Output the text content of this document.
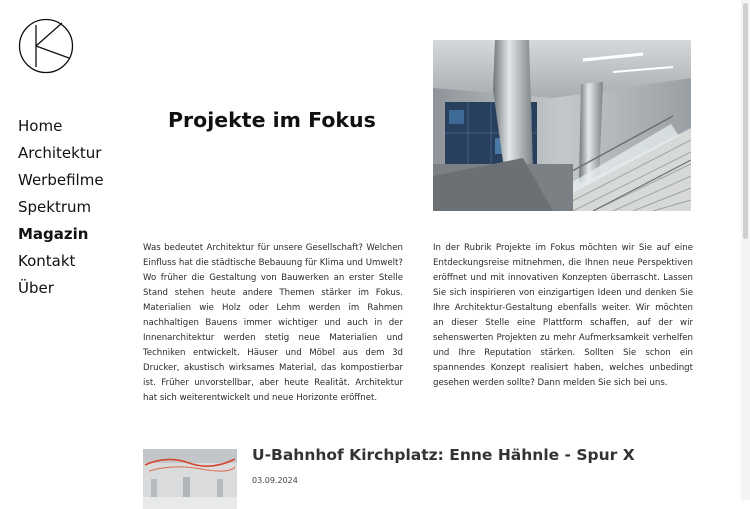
Home
Architektur
Werbefilme
Spektrum
Magazin
Kontakt
Über
Projekte im Fokus

Was bedeutet Architektur für unsere Gesellschaft? Welchen Einfluss hat die städtische Bebauung für Klima und Umwelt? Wo früher die Gestaltung von Bauwerken an erster Stelle Stand stehen heute andere Themen stärker im Fokus. Materialien wie Holz oder Lehm werden im Rahmen nachhaltigen Bauens immer wichtiger und auch in der Innenarchitektur werden stetig neue Materialien und Techniken entwickelt. Häuser und Möbel aus dem 3d Drucker, akustisch wirksames Material, das kompostierbar ist. Früher unvorstellbar, aber heute Realität. Architektur hat sich weiterentwickelt und neue Horizonte eröffnet.

In der Rubrik Projekte im Fokus möchten wir Sie auf eine Entdeckungsreise mitnehmen, die Ihnen neue Perspektiven eröffnet und mit innovativen Konzepten überrascht. Lassen Sie sich inspirieren von einzigartigen Ideen und denken Sie Ihre Architektur-Gestaltung ebenfalls weiter. Wir möchten an dieser Stelle eine Plattform schaffen, auf der wir sehenswerten Projekten zu mehr Aufmerksamkeit verhelfen und Ihre Reputation stärken. Sollten Sie schon ein spannendes Konzept realisiert haben, welches unbedingt gesehen werden sollte? Dann melden Sie sich bei uns.

U-Bahnhof Kirchplatz: Enne Hähnle - Spur X
03.09.2024
